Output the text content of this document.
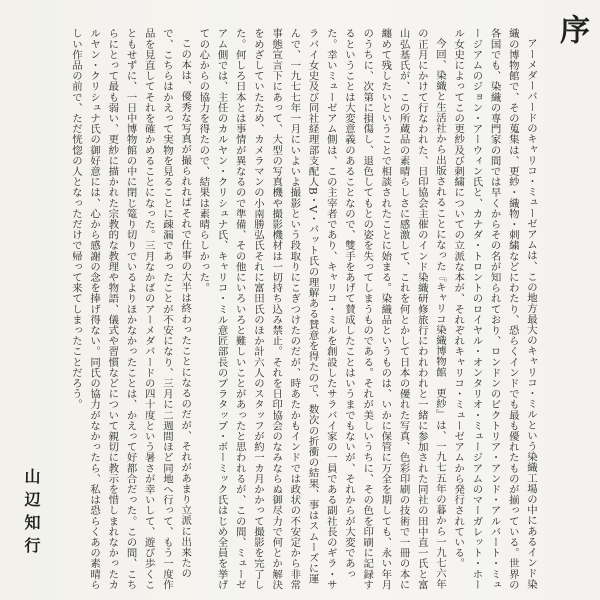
序

アーメダーバードのキャリコ・ミューゼアムは、この地方最大のキャリコ・ミルという染織工場の中にあるインド染織の博物館で、その蒐集は、更紗・織物・刺繍などにわたり、恐らくインドでも最も優れたものが揃っている。世界の各国でも、染織の専門家の間では早くからその名が知られており、ロンドンのビクトリア・アンド・アルバート・ミュージアムのジョン・アーウィン氏と、カナダ・トロントのロイヤル・オンタリオ・ミュージアムのマーガレット・ホール女史によってこの更紗及び刺繍についての立派な本が、それぞれキャリコ・ミューゼアムから発行されている。

今回、染織と生活社から出版されることになった『キャリコ染織博物館　更紗』は、一九七五年の暮から一九七六年の正月にかけて行なわれた、日印協会主催のインド染織研修旅行にわれわれと一緒に参加された同社の田中直一氏と富山弘基氏が、この所蔵品の素晴らしさに感激して、これを何とかして日本の優れた写真、色彩印刷の技術で一冊の本に纏めて残したいということで相談されたことに始まる。染織品というものは、いかに保管に万全を期しても、永い年月のうちに、次第に損傷し、退色してもとの姿を失ってしまうものである。それが美しいうちに、その色を印刷に記録するということは大変意義のあることなので、雙手をあげて賛成したことはいうまでもないが、それからが大変であった。幸いミューゼアム側は、この主宰者であり、キャリコ・ミルを創設したサラバイ家の一員である副社長のギラ・サラバイ女史及び同社経理部支配人B・V・バット氏の理解ある賛意を得たので、数次の折衝の結果、事はスムーズに運んで、一九七七年一月にいよいよ撮影という段取りにこぎつけたのだが、時あたかもインドでは政状の不安定から非常事態宣言下にあって、大型の写真機や撮影機材は一切持ち込み禁止。それを日印協会のなみならぬ御尽力で何とか解決をめざしていたため、カメラマンの小南勝弘氏それに富田氏のほか計六人のスタッフが約一カ月かかって撮影を完了した。何しろ日本とは事情が異なるので準備、その他にいろいろと難しいことがあったと思われるが、この間、ミューゼアム側では、主任のカルヤン・クリシュナ氏、キャリコ・ミル意匠部長のプラタップ・ボーミック氏はじめ全員を挙げての心からの協力を得たので、結果は素晴らしかった。

この本は、優秀な写真が撮られればそれで仕事の大半は終わったことになるのだが、それがあまり立派に出来たので、こちらはかえって実物を見ることに疎漏であったことが不安になり、三月に二週間ほど同地へ行って、もう一度作品を見直してそれを確かめることになった。三月なかばのアーメダバードの四十度という暑さが幸いして、遊び歩くこともせずに、一日中博物館の中に閉じ篭り切りでいるよりほかなかったことは、かえって好都合だった。この間、こちらにとって最も弱い、更紗に描かれた宗教的な教理や物語、儀式や習慣などについて親切に教示を惜しまれなかったカルヤン・クリシュナ氏の御好意には、心から感謝の念を捧げ得ない。同氏の協力がなかったら、私は恐らくあの素晴らしい作品の前で、ただ恍惚の人となっただけで帰って来てしまったことだろう。

山辺知行
